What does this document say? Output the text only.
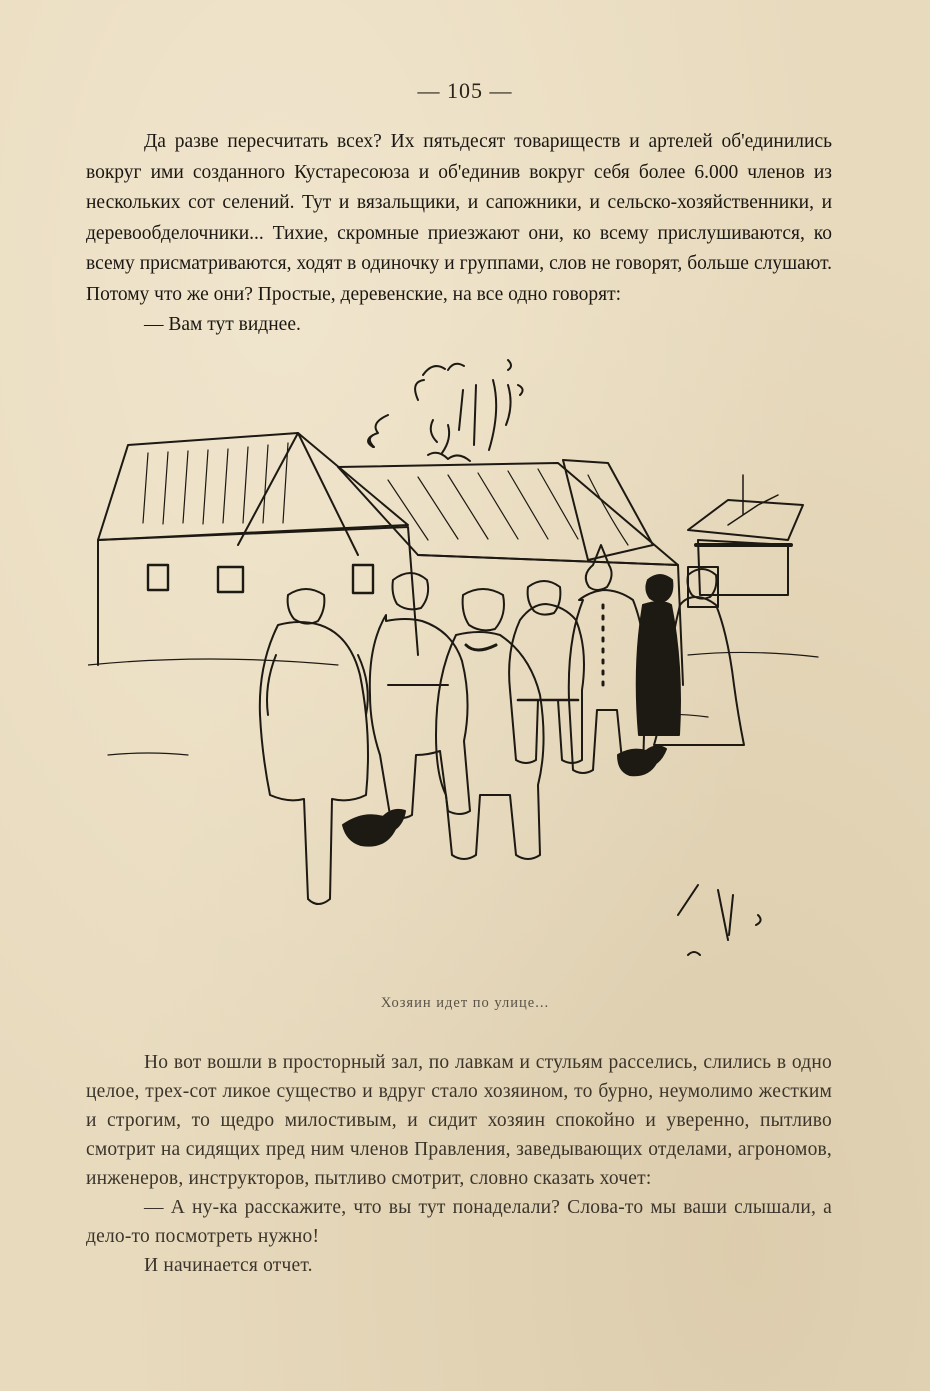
— 105 —

Да разве пересчитать всех? Их пятьдесят товариществ и артелей об'единились вокруг ими созданного Кустаресоюза и об'единив вокруг себя более 6.000 членов из нескольких сот селений. Тут и вязальщики, и сапожники, и сельско-хозяйственники, и деревообделочники... Тихие, скромные приезжают они, ко всему прислушиваются, ко всему присматриваются, ходят в одиночку и группами, слов не говорят, больше слушают. Потому что же они? Простые, деревенские, на все одно говорят:

— Вам тут виднее.

Хозяин идет по улице...

Но вот вошли в просторный зал, по лавкам и стульям расселись, слились в одно целое, трех-сот ликое существо и вдруг стало хозяином, то бурно, неумолимо жестким и строгим, то щедро милостивым, и сидит хозяин спокойно и уверенно, пытливо смотрит на сидящих пред ним членов Правления, заведывающих отделами, агрономов, инженеров, инструкторов, пытливо смотрит, словно сказать хочет:

— А ну-ка расскажите, что вы тут понаделали? Слова-то мы ваши слышали, а дело-то посмотреть нужно!

И начинается отчет.
